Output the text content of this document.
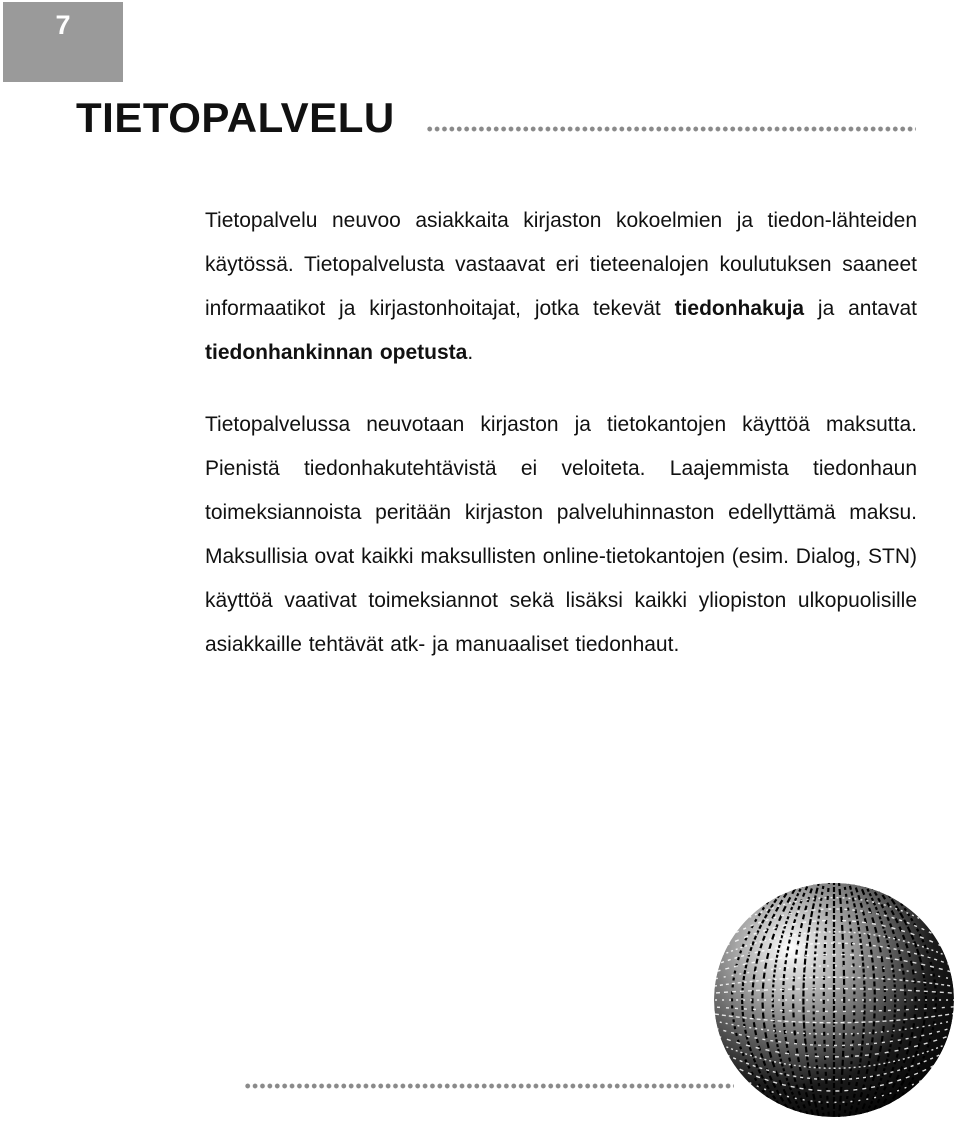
7
TIETOPALVELU

Tietopalvelu neuvoo asiakkaita kirjaston kokoelmien ja tiedon-lähteiden käytössä. Tietopalvelusta vastaavat eri tieteenalojen koulutuksen saaneet informaatikot ja kirjastonhoitajat, jotka tekevät tiedonhakuja ja antavat tiedonhankinnan opetusta.

Tietopalvelussa neuvotaan kirjaston ja tietokantojen käyttöä maksutta. Pienistä tiedonhakutehtävistä ei veloiteta. Laajemmista tiedonhaun toimeksiannoista peritään kirjaston palveluhinnaston edellyttämä maksu. Maksullisia ovat kaikki maksullisten online-tietokantojen (esim. Dialog, STN) käyttöä vaativat toimeksiannot sekä lisäksi kaikki yliopiston ulkopuolisille asiakkaille tehtävät atk- ja manuaaliset tiedonhaut.
